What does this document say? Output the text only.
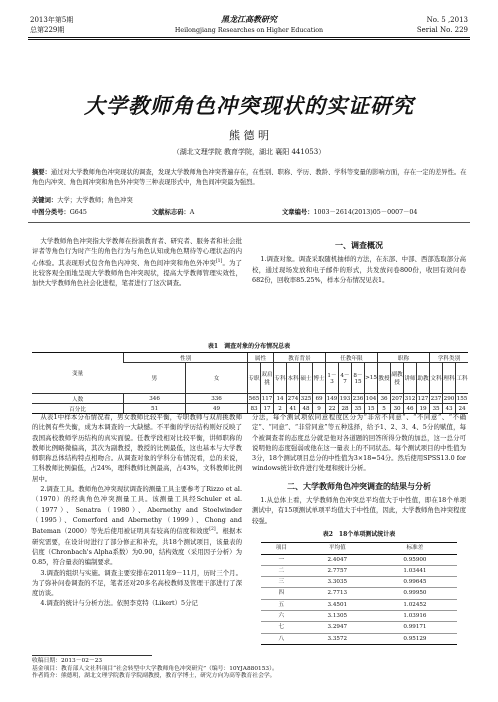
2013年第5期
总第229期
黑龙江高教研究
Heilongjiang Researches on Higher Education
No. 5 ,2013
Serial No. 229
大学教师角色冲突现状的实证研究
熊 德 明
（湖北文理学院 教育学院，湖北 襄阳 441053）
摘要：通过对大学教师角色冲突现状的调查，发现大学教师角色冲突普遍存在，在性别、职称、学历、教龄、学科等变量的影响方面，存在一定的差异性。在角色内冲突、角色间冲突和角色外冲突等三种表现形式中，角色间冲突最为强烈。
关键词：大学；大学教师；角色冲突
中图分类号：G645	文献标志码：A	文章编号：1003－2614(2013)05－0007－04

大学教师角色冲突指大学教师在扮演教育者、研究者、服务者和社会批评者等角色行为时产生的角色行为与角色认知或角色期待等心理状态的内心体验。其表现形式包含角色内冲突、角色间冲突和角色外冲突[1]。为了比较客观全面地呈现大学教师角色冲突现状，提高大学教师管理实效性，加快大学教师角色社会化进程，笔者进行了这次调查。

一、调查概况

1.调查对象。调查采取随机抽样的方法，在东部、中部、西部选取部分高校，通过现场发放和电子邮件的形式，共发放问卷800份，收回有效问卷682份，回收率85.25%，样本分布情况见表1。

表1　调查对象的分布情况总表
变量	性别		属性		教育背景				任教年限				职称				学科类别		
	男	女	专职	双肩挑	专科	本科	硕士	博士	1－3	4－7	8－15	>15	教授	副教授	讲师	助教	文科	理科	工科
人数	346	336	565	117	14	274	325	69	149	193	236	104	36	207	312	127	237	290	155
百分比	51	49	83	17	2	41	48	9	22	28	35	15	5	30	46	19	35	43	24

从表1中样本分布情况看，男女教师比较平衡，专职教师与双肩挑教师的比例有些失衡，成为本调查的一大缺憾。不平衡的学历结构则好反映了我国高校教师学历结构的真实面貌。任教学段相对比较平衡，讲师职称的教师比例略微偏高，其次为副教授，教授的比例最低，这也基本与大学教师职称总体结构特点相吻合。从调查对象的学科分布情况看，总的来说，工科教师比例偏低，占24%，理科教师比例最高，占43%，文科教师比例居中。

2.调查工具。教师角色冲突现状调查的测量工具主要参考了Rizzo et al.（1970）的经典角色冲突测量工具。该测量工具经Schuler et al.（1977）、Senatra（1980）、Abernethy and Stoelwinder（1995）、Comerford and Abernethy（1999）、Chong and Bateman（2000）等先后使用被证明具有较高的信度和效度[2]。根据本研究需要，在设计时进行了部分修正和补充，共18个测试项目，该量表的信度（Chronbach's Alpha系数）为0.90，结构效度（采用因子分析）为0.85，符合量表的编制要求。

3.调查的组织与实施。调查主要安排在2011年9－11月，历时三个月。为了弥补问卷调查的不足，笔者还对20多名高校教师及管理干部进行了深度访谈。

4.调查的统计与分析方法。依照李克特（Likert）5分记

分法，每个测试项依同意程度区分为“非常不同意”、“不同意”、“不确定”、“同意”、“非常同意”等五种选择，给予1、2、3、4、5分的赋值，每个被调查者的态度总分就是他对各道题的回答所得分数的加总，这一总分可说明他的态度强弱或他在这一量表上的不同状态。每个测试项目的中性值为3分，18个测试项目总分的中性值为3×18=54分。然后使用SPSS13.0 for windows统计软件进行处理和统计分析。

二、大学教师角色冲突调查的结果与分析

1.从总体上看，大学教师角色冲突总平均值大于中性值，即在18个单项测试中，有15项测试单项平均值大于中性值，因此，大学教师角色冲突程度较强。

表2　18个单项测试统计表
项目	平均值	标准差
一	2.4047	0.95900
二	2.7757	1.03441
三	3.3035	0.99645
四	2.7713	0.99950
五	3.4501	1.02452
六	3.1305	1.03916
七	3.2947	0.99171
八	3.3572	0.95129
收稿日期：2013－02－23
基金项目：教育部人文社科项目“社会转型中大学教师角色冲突研究”（编号：10YJA880153）。
作者简介：熊德明，湖北文理学院教育学院副教授，教育学博士，研究方向为高等教育社会学。
